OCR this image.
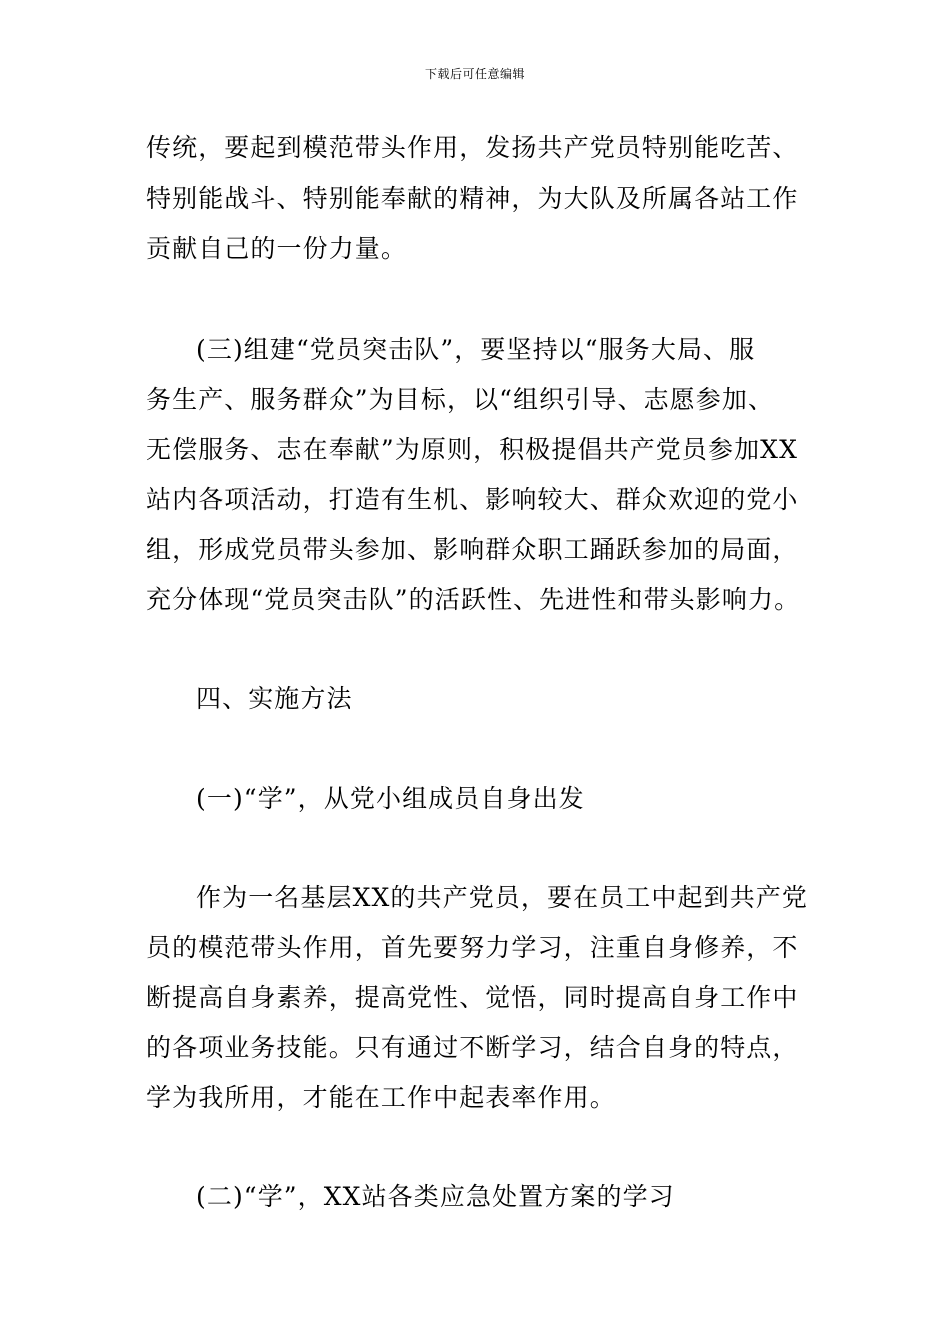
下载后可任意编辑
传统，要起到模范带头作用，发扬共产党员特别能吃苦、
特别能战斗、特别能奉献的精神，为大队及所属各站工作
贡献自己的一份力量。
(三)组建“党员突击队”，要坚持以“服务大局、服
务生产、服务群众”为目标，以“组织引导、志愿参加、
无偿服务、志在奉献”为原则，积极提倡共产党员参加XX
站内各项活动，打造有生机、影响较大、群众欢迎的党小
组，形成党员带头参加、影响群众职工踊跃参加的局面，
充分体现“党员突击队”的活跃性、先进性和带头影响力。
四、实施方法
(一)“学”，从党小组成员自身出发
作为一名基层XX的共产党员，要在员工中起到共产党
员的模范带头作用，首先要努力学习，注重自身修养，不
断提高自身素养，提高党性、觉悟，同时提高自身工作中
的各项业务技能。只有通过不断学习，结合自身的特点，
学为我所用，才能在工作中起表率作用。
(二)“学”，XX站各类应急处置方案的学习
